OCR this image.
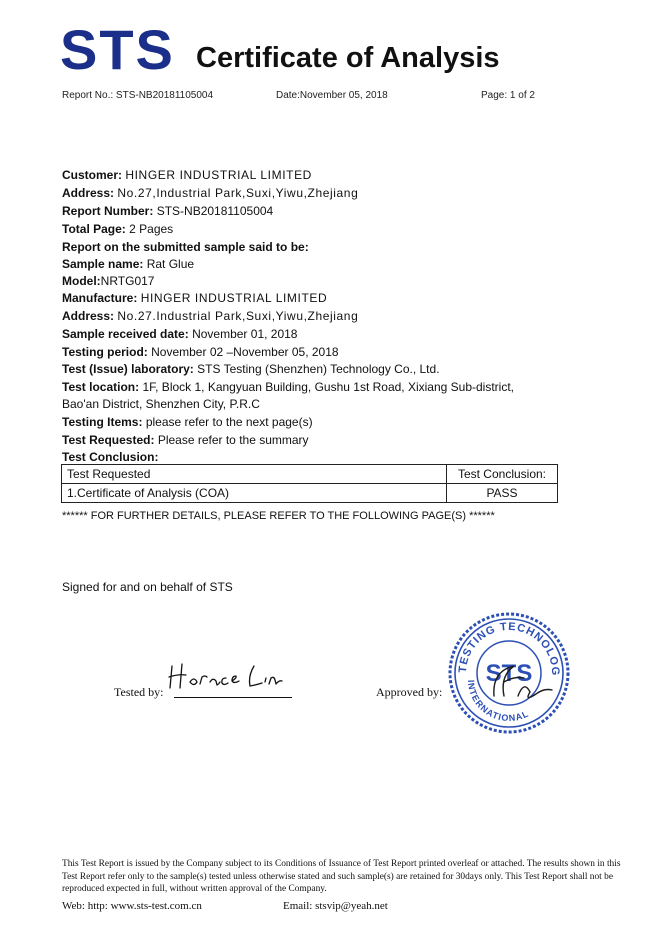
STS Certificate of Analysis
Report No.: STS-NB20181105004	Date:November 05, 2018	Page: 1 of 2
Customer: HINGER INDUSTRIAL LIMITED
Address: No.27,Industrial Park,Suxi,Yiwu,Zhejiang
Report Number: STS-NB20181105004
Total Page: 2 Pages
Report on the submitted sample said to be:
Sample name: Rat Glue
Model:NRTG017
Manufacture: HINGER INDUSTRIAL LIMITED
Address: No.27.Industrial Park,Suxi,Yiwu,Zhejiang
Sample received date: November 01, 2018
Testing period: November 02 –November 05, 2018
Test (Issue) laboratory: STS Testing (Shenzhen) Technology Co., Ltd.
Test location: 1F, Block 1, Kangyuan Building, Gushu 1st Road, Xixiang Sub-district,
Bao'an District, Shenzhen City, P.R.C
Testing Items: please refer to the next page(s)
Test Requested: Please refer to the summary
Test Conclusion:
Test Requested	Test Conclusion:
1.Certificate of Analysis (COA)	PASS
****** FOR FURTHER DETAILS, PLEASE REFER TO THE FOLLOWING PAGE(S) ******
Signed for and on behalf of STS
Tested by:	Approved by:
TESTING TECHNOLOG
INTERNATIONAL
STS
This Test Report is issued by the Company subject to its Conditions of Issuance of Test Report printed overleaf or attached. The results shown in this Test Report refer only to the sample(s) tested unless otherwise stated and such sample(s) are retained for 30days only. This Test Report shall not be reproduced expected in full, without written approval of the Company.
Web: http: www.sts-test.com.cn	Email: stsvip@yeah.net
